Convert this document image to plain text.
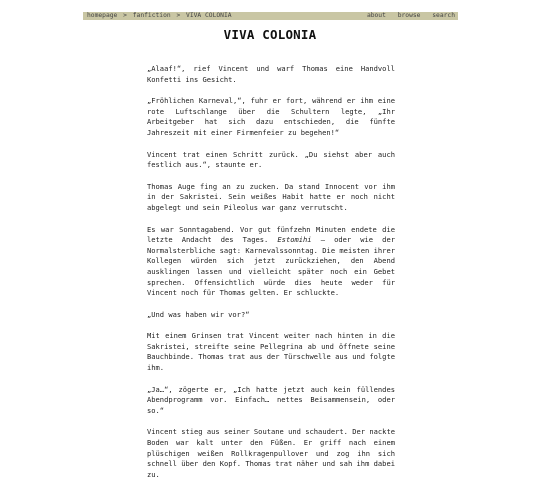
homepage > fanfiction > VIVA COLONIA	about browse search
VIVA COLONIA

„Alaaf!“, rief Vincent und warf Thomas eine Handvoll Konfetti ins Gesicht.

„Fröhlichen Karneval,“, fuhr er fort, während er ihm eine rote Luftschlange über die Schultern legte, „Ihr Arbeitgeber hat sich dazu entschieden, die fünfte Jahreszeit mit einer Firmenfeier zu begehen!“

Vincent trat einen Schritt zurück. „Du siehst aber auch festlich aus.“, staunte er.

Thomas Auge fing an zu zucken. Da stand Innocent vor ihm in der Sakristei. Sein weißes Habit hatte er noch nicht abgelegt und sein Pileolus war ganz verrutscht.

Es war Sonntagabend. Vor gut fünfzehn Minuten endete die letzte Andacht des Tages. Estomihi — oder wie der Normalsterbliche sagt: Karnevalssonntag. Die meisten ihrer Kollegen würden sich jetzt zurückziehen, den Abend ausklingen lassen und vielleicht später noch ein Gebet sprechen. Offensichtlich würde dies heute weder für Vincent noch für Thomas gelten. Er schluckte.

„Und was haben wir vor?“

Mit einem Grinsen trat Vincent weiter nach hinten in die Sakristei, streifte seine Pellegrina ab und öffnete seine Bauchbinde. Thomas trat aus der Türschwelle aus und folgte ihm.

„Ja…“, zögerte er, „Ich hatte jetzt auch kein füllendes Abendprogramm vor. Einfach… nettes Beisammensein, oder so.“

Vincent stieg aus seiner Soutane und schaudert. Der nackte Boden war kalt unter den Füßen. Er griff nach einem plüschigen weißen Rollkragenpullover und zog ihn sich schnell über den Kopf. Thomas trat näher und sah ihm dabei zu.
